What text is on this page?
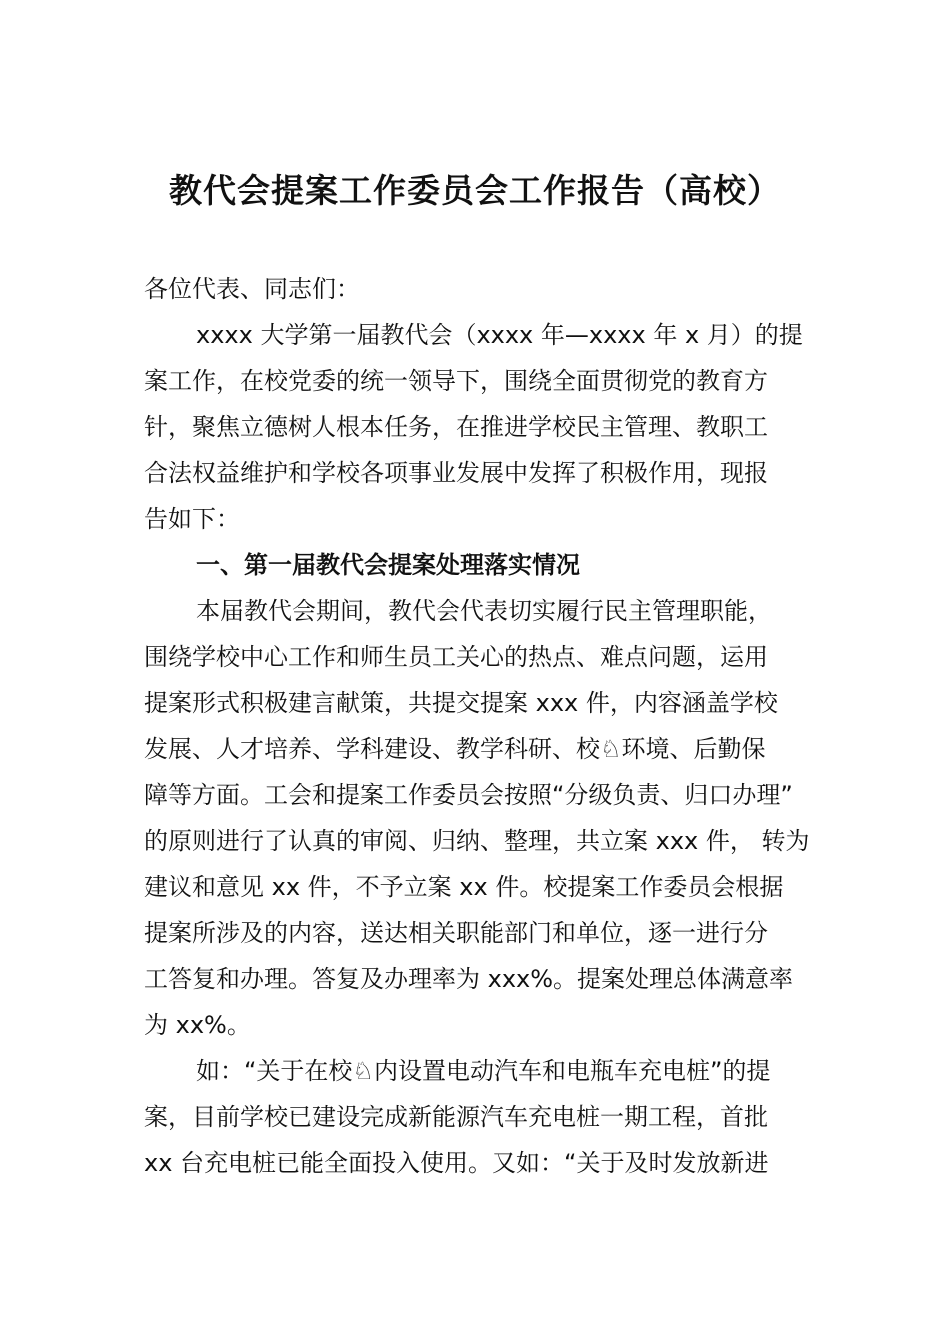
教代会提案工作委员会工作报告（高校）
各位代表、同志们：
xxxx 大学第一届教代会（xxxx 年—xxxx 年 x 月）的提
案工作，在校党委的统一领导下，围绕全面贯彻党的教育方
针，聚焦立德树人根本任务，在推进学校民主管理、教职工
合法权益维护和学校各项事业发展中发挥了积极作用，现报
告如下：
一、第一届教代会提案处理落实情况
本届教代会期间，教代会代表切实履行民主管理职能，
围绕学校中心工作和师生员工关心的热点、难点问题，运用
提案形式积极建言献策，共提交提案 xxx 件，内容涵盖学校
发展、人才培养、学科建设、教学科研、校♘环境、后勤保
障等方面。工会和提案工作委员会按照“分级负责、归口办理”
的原则进行了认真的审阅、归纳、整理，共立案 xxx 件， 转为
建议和意见 xx 件，不予立案 xx 件。校提案工作委员会根据
提案所涉及的内容，送达相关职能部门和单位，逐一进行分
工答复和办理。答复及办理率为 xxx%。提案处理总体满意率
为 xx%。
如：“关于在校♘内设置电动汽车和电瓶车充电桩”的提
案，目前学校已建设完成新能源汽车充电桩一期工程，首批
xx 台充电桩已能全面投入使用。又如：“关于及时发放新进
